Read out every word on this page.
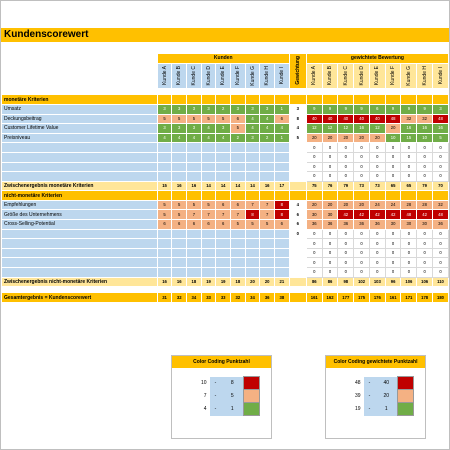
Kundenscorewert
	Kunden									Gewichtung	gewichtete Bewertung								
	Kunde A	Kunde B	Kunde C	Kunde D	Kunde E	Kunde F	Kunde G	Kunde H	Kunde I		Kunde A	Kunde B	Kunde C	Kunde D	Kunde E	Kunde F	Kunde G	Kunde H	Kunde I

monetäre Kriterien																			
Umsatz	3	3	3	3	2	3	3	3	1	3	9	9	9	9	6	9	9	9	3
Deckungsbeitrag	5	5	5	5	5	6	4	4	6	8	40	40	40	40	40	48	32	32	48
Customer Lifetime Value	3	3	3	4	3	5	4	4	4	4	12	12	12	16	12	20	16	16	16
Preisniveau	4	4	4	4	4	2	3	2	1	5	20	20	20	20	20	10	15	10	5
											0	0	0	0	0	0	0	0	0
											0	0	0	0	0	0	0	0	0
											0	0	0	0	0	0	0	0	0
											0	0	0	0	0	0	0	0	0
Zwischenergebnis monetäre Kriterien	15	16	16	14	14	14	14	16	17		75	76	79	73	73	65	65	79	70
nicht-monetäre Kriterien																			
Empfehlungen	5	5	5	5	6	6	7	7	8	4	20	20	20	20	24	24	28	28	32
Größe des Unternehmens	5	5	7	7	7	7	8	7	8	6	30	30	42	42	42	42	48	42	48
Cross-Selling-Potential	6	6	6	6	6	5	5	5	6	6	36	36	36	36	36	30	30	30	36
										0	0	0	0	0	0	0	0	0	0
											0	0	0	0	0	0	0	0	0
											0	0	0	0	0	0	0	0	0
											0	0	0	0	0	0	0	0	0
											0	0	0	0	0	0	0	0	0
Zwischenergebnis nicht-monetäre Kriterien	16	16	18	19	19	18	20	20	21		86	86	98	102	103	96	106	106	110

Gesamtergebnis = Kundenscorewert	31	32	34	33	33	32	34	36	38		161	162	177	175	176	161	171	178	180
Color Coding Punktzahl					

	10	-	8		
	7	-	5		
	4	-	1		

Color Coding gewichtete Punktzahl					

	48	-	40		
	39	-	20		
	19	-	1		
